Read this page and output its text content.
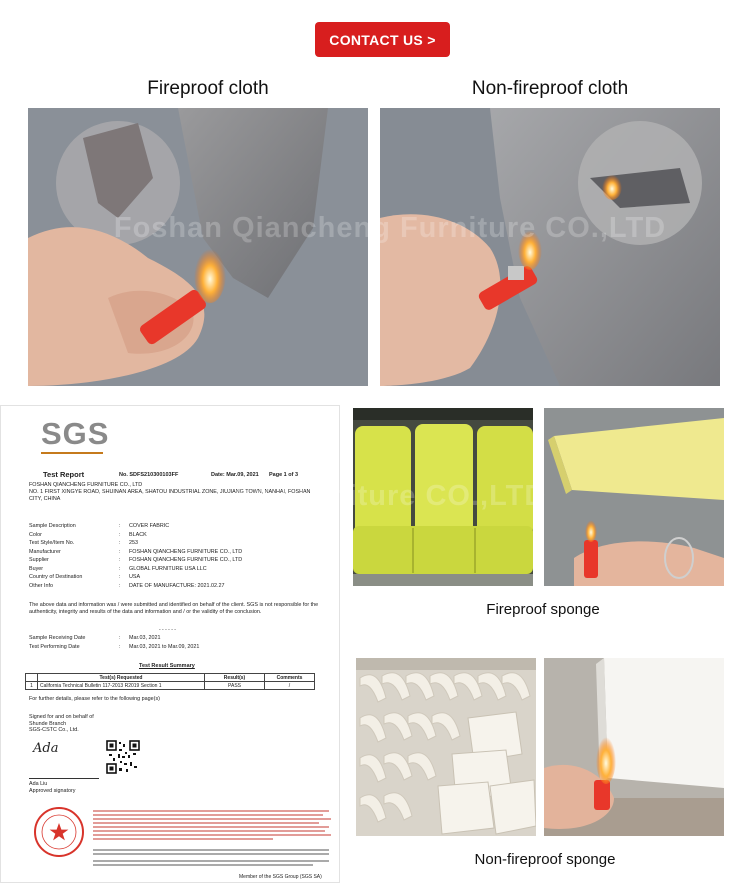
CONTACT US >
Fireproof cloth	Non-fireproof cloth
Foshan Qiancheng Furniture CO.,LTD
SGS
Test Report	No. SDFS210300103FF	Date: Mar.09, 2021 Page 1 of 3
FOSHAN QIANCHENG FURNITURE CO., LTD
NO. 1 FIRST XINGYE ROAD, SHUINAN AREA, SHATOU INDUSTRIAL ZONE, JIUJIANG TOWN, NANHAI, FOSHAN CITY, CHINA
Sample Description	:	COVER FABRIC
Color	:	BLACK
Test Style/Item No.	:	253
Manufacturer	:	FOSHAN QIANCHENG FURNITURE CO., LTD
Supplier	:	FOSHAN QIANCHENG FURNITURE CO., LTD
Buyer	:	GLOBAL FURNITURE USA LLC
Country of Destination	:	USA
Other Info	:	DATE OF MANUFACTURE: 2021.02.27
The above data and information was / were submitted and identified on behalf of the client. SGS is not responsible for the authenticity, integrity and results of the data and information and / or the validity of the conclusion.
- - - - - -
Sample Receiving Date	:	Mar.03, 2021
Test Performing Date	:	Mar.03, 2021 to Mar.09, 2021
Test Result Summary
	Test(s) Requested	Result(s)	Comments
1	California Technical Bulletin 117-2013 R2019 Section 1	PASS	/
For further details, please refer to the following page(s)
Signed for and on behalf of
Shunde Branch
SGS-CSTC Co., Ltd.
Ada
Ada Liu
Approved signatory
Member of the SGS Group (SGS SA)
ng Furniture CO.,LTD
Fireproof sponge
Non-fireproof sponge
